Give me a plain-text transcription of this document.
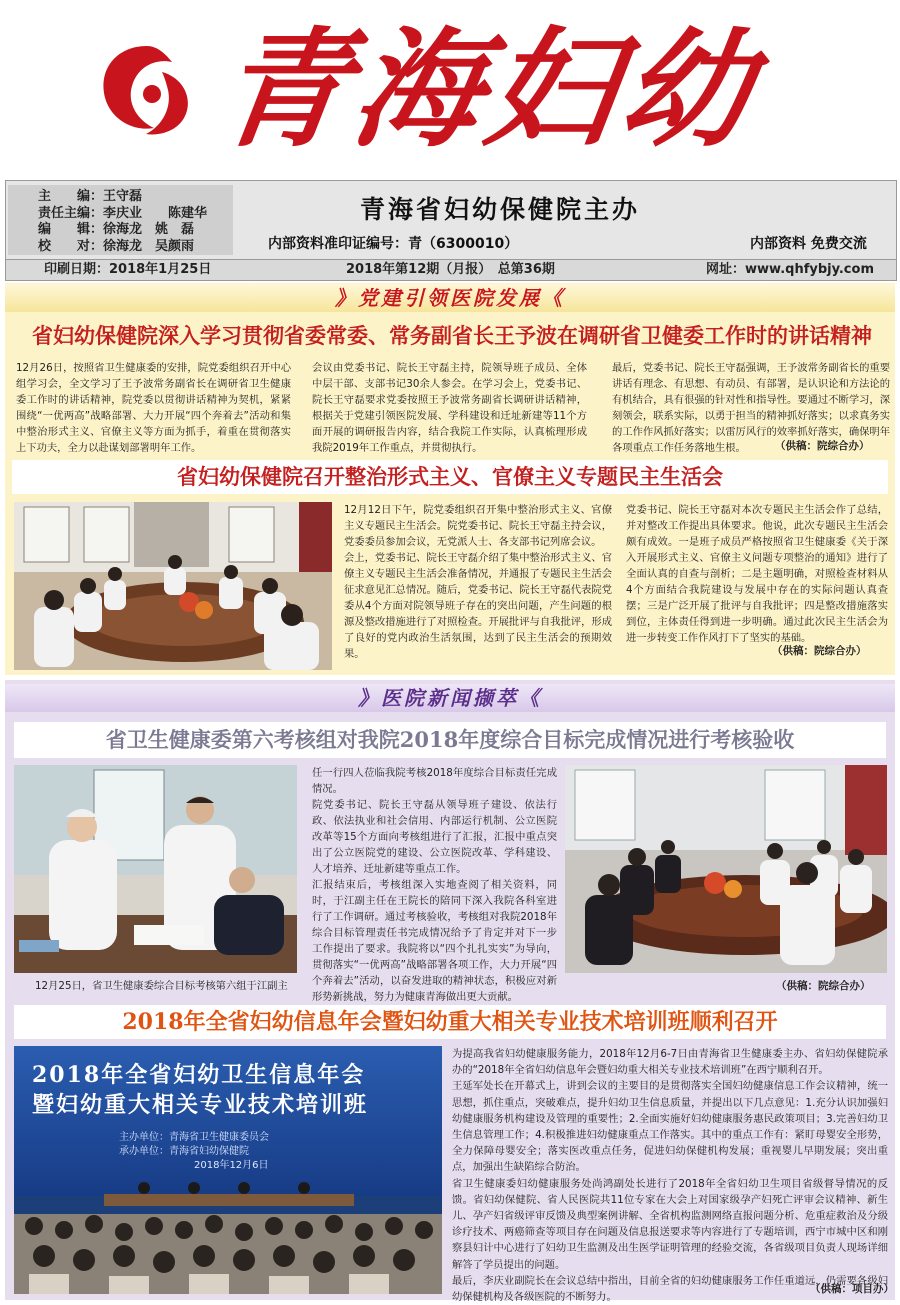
青海妇幼
主　　编：王守磊
责任主编：李庆业　　陈建华
编　　辑：徐海龙　姚　磊
校　　对：徐海龙　吴颜雨
青海省妇幼保健院主办
内部资料准印证编号：青（6300010）	内部资料 免费交流
印刷日期：2018年1月25日	2018年第12期（月报）　总第36期	网址：www.qhfybjy.com
》党建引领医院发展《
省妇幼保健院深入学习贯彻省委常委、常务副省长王予波在调研省卫健委工作时的讲话精神
12月26日，按照省卫生健康委的安排，院党委组织召开中心组学习会，全文学习了王予波常务副省长在调研省卫生健康委工作时的讲话精神，院党委以贯彻讲话精神为契机，紧紧围绕“一优两高”战略部署、大力开展“四个奔着去”活动和集中整治形式主义、官僚主义等方面为抓手，着重在贯彻落实上下功夫，全力以赴谋划部署明年工作。
会议由党委书记、院长王守磊主持，院领导班子成员、全体中层干部、支部书记30余人参会。在学习会上，党委书记、院长王守磊要求党委按照王予波常务副省长调研讲话精神，根据关于党建引领医院发展、学科建设和迁址新建等11个方面开展的调研报告内容，结合我院工作实际，认真梳理形成我院2019年工作重点，并贯彻执行。
最后，党委书记、院长王守磊强调，王予波常务副省长的重要讲话有理念、有思想、有动员、有部署，是认识论和方法论的有机结合，具有很强的针对性和指导性。要通过不断学习，深刻领会，联系实际，以勇于担当的精神抓好落实；以求真务实的工作作风抓好落实；以雷厉风行的效率抓好落实，确保明年各项重点工作任务落地生根。	（供稿：院综合办）
省妇幼保健院召开整治形式主义、官僚主义专题民主生活会
12月12日下午，院党委组织召开集中整治形式主义、官僚主义专题民主生活会。院党委书记、院长王守磊主持会议，党委委员参加会议，无党派人士、各支部书记列席会议。
会上，党委书记、院长王守磊介绍了集中整治形式主义、官僚主义专题民主生活会准备情况，并通报了专题民主生活会征求意见汇总情况。随后，党委书记、院长王守磊代表院党委从4个方面对院领导班子存在的突出问题，产生问题的根源及整改措施进行了对照检查。开展批评与自我批评，形成了良好的党内政治生活氛围，达到了民主生活会的预期效果。
党委书记、院长王守磊对本次专题民主生活会作了总结，并对整改工作提出具体要求。他说，此次专题民主生活会颇有成效。一是班子成员严格按照省卫生健康委《关于深入开展形式主义、官僚主义问题专项整治的通知》进行了全面认真的自查与剖析；二是主题明确，对照检查材料从4个方面结合我院建设与发展中存在的实际问题认真查摆；三是广泛开展了批评与自我批评；四是整改措施落实到位，主体责任得到进一步明确。通过此次民主生活会为进一步转变工作作风打下了坚实的基础。
（供稿：院综合办）
》医院新闻撷萃《
省卫生健康委第六考核组对我院2018年度综合目标完成情况进行考核验收
12月25日，省卫生健康委综合目标考核第六组于江副主
任一行四人莅临我院考核2018年度综合目标责任完成情况。
院党委书记、院长王守磊从领导班子建设、依法行政、依法执业和社会信用、内部运行机制、公立医院改革等15个方面向考核组进行了汇报，汇报中重点突出了公立医院党的建设、公立医院改革、学科建设、人才培养、迁址新建等重点工作。
汇报结束后，考核组深入实地查阅了相关资料，同时，于江副主任在王院长的陪同下深入我院各科室进行了工作调研。通过考核验收，考核组对我院2018年综合目标管理责任书完成情况给予了肯定并对下一步工作提出了要求。我院将以“四个扎扎实实”为导向，贯彻落实“一优两高”战略部署各项工作，大力开展“四个奔着去”活动，以奋发进取的精神状态，积极应对新形势新挑战，努力为健康青海做出更大贡献。
（供稿：院综合办）
2018年全省妇幼信息年会暨妇幼重大相关专业技术培训班顺利召开
2018年全省妇幼卫生信息年会
暨妇幼重大相关专业技术培训班
主办单位：青海省卫生健康委员会
承办单位：青海省妇幼保健院
2018年12月6日
为提高我省妇幼健康服务能力，2018年12月6-7日由青海省卫生健康委主办、省妇幼保健院承办的“2018年全省妇幼信息年会暨妇幼重大相关专业技术培训班”在西宁顺利召开。
王延军处长在开幕式上，讲到会议的主要目的是贯彻落实全国妇幼健康信息工作会议精神，统一思想，抓住重点，突破难点，提升妇幼卫生信息质量，并提出以下几点意见：1.充分认识加强妇幼健康服务机构建设及管理的重要性；2.全面实施好妇幼健康服务惠民政策项目；3.完善妇幼卫生信息管理工作；4.积极推进妇幼健康重点工作落实。其中的重点工作有：紧盯母婴安全形势，全力保障母婴安全；落实医改重点任务，促进妇幼保健机构发展；重视婴儿早期发展；突出重点，加强出生缺陷综合防治。
省卫生健康委妇幼健康服务处尚鸿副处长进行了2018年全省妇幼卫生项目省级督导情况的反馈。省妇幼保健院、省人民医院共11位专家在大会上对国家级孕产妇死亡评审会议精神、新生儿、孕产妇省级评审反馈及典型案例讲解、全省机构监测网络直报问题分析、危重症救治及分级诊疗技术、两癌筛查等项目存在问题及信息报送要求等内容进行了专题培训，西宁市城中区和刚察县妇计中心进行了妇幼卫生监测及出生医学证明管理的经验交流，各省级项目负责人现场详细解答了学员提出的问题。
最后，李庆业副院长在会议总结中指出，目前全省的妇幼健康服务工作任重道远，仍需要各级妇幼保健机构及各级医院的不断努力。
（供稿：项目办）
